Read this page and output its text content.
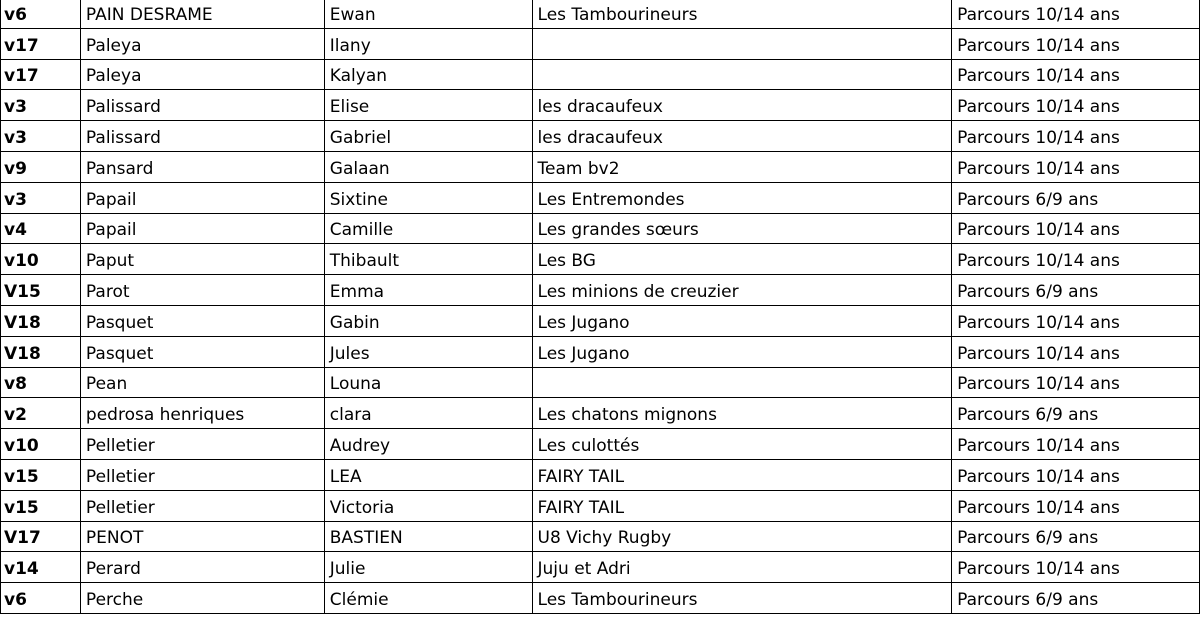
v6	PAIN DESRAME	Ewan	Les Tambourineurs	Parcours 10/14 ans
v17	Paleya	Ilany		Parcours 10/14 ans
v17	Paleya	Kalyan		Parcours 10/14 ans
v3	Palissard	Elise	les dracaufeux	Parcours 10/14 ans
v3	Palissard	Gabriel	les dracaufeux	Parcours 10/14 ans
v9	Pansard	Galaan	Team bv2	Parcours 10/14 ans
v3	Papail	Sixtine	Les Entremondes	Parcours 6/9 ans
v4	Papail	Camille	Les grandes sœurs	Parcours 10/14 ans
v10	Paput	Thibault	Les BG	Parcours 10/14 ans
V15	Parot	Emma	Les minions de creuzier	Parcours 6/9 ans
V18	Pasquet	Gabin	Les Jugano	Parcours 10/14 ans
V18	Pasquet	Jules	Les Jugano	Parcours 10/14 ans
v8	Pean	Louna		Parcours 10/14 ans
v2	pedrosa henriques	clara	Les chatons mignons	Parcours 6/9 ans
v10	Pelletier	Audrey	Les culottés	Parcours 10/14 ans
v15	Pelletier	LEA	FAIRY TAIL	Parcours 10/14 ans
v15	Pelletier	Victoria	FAIRY TAIL	Parcours 10/14 ans
V17	PENOT	BASTIEN	U8 Vichy Rugby	Parcours 6/9 ans
v14	Perard	Julie	Juju et Adri	Parcours 10/14 ans
v6	Perche	Clémie	Les Tambourineurs	Parcours 6/9 ans
